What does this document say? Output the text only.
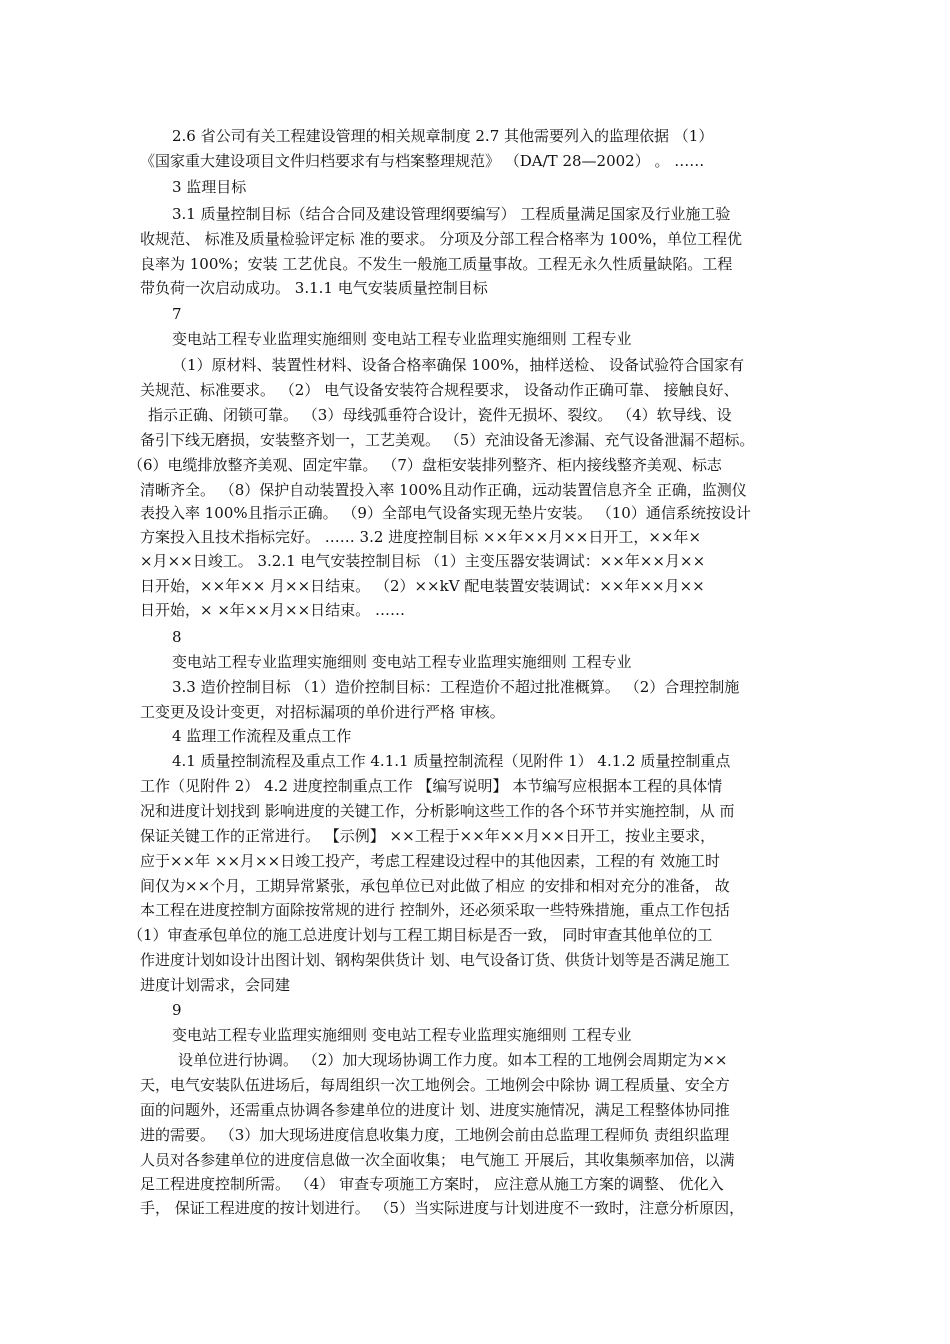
2.6 省公司有关工程建设管理的相关规章制度 2.7 其他需要列入的监理依据 （1）
《国家重大建设项目文件归档要求有与档案整理规范》 （DA/T 28—2002） 。 ……
3 监理目标
3.1 质量控制目标（结合合同及建设管理纲要编写） 工程质量满足国家及行业施工验
收规范、 标准及质量检验评定标 准的要求。 分项及分部工程合格率为 100%，单位工程优
良率为 100%；安装 工艺优良。不发生一般施工质量事故。工程无永久性质量缺陷。工程
带负荷一次启动成功。 3.1.1 电气安装质量控制目标
7
变电站工程专业监理实施细则 变电站工程专业监理实施细则 工程专业
（1）原材料、装置性材料、设备合格率确保 100%，抽样送检、 设备试验符合国家有
关规范、标准要求。 （2） 电气设备安装符合规程要求， 设备动作正确可靠、 接触良好、
指示正确、闭锁可靠。 （3）母线弧垂符合设计，瓷件无损坏、裂纹。 （4）软导线、设
备引下线无磨损，安装整齐划一，工艺美观。 （5）充油设备无渗漏、充气设备泄漏不超标。
（6）电缆排放整齐美观、固定牢靠。 （7）盘柜安装排列整齐、柜内接线整齐美观、标志
清晰齐全。 （8）保护自动装置投入率 100%且动作正确，远动装置信息齐全 正确，监测仪
表投入率 100%且指示正确。 （9）全部电气设备实现无垫片安装。 （10）通信系统按设计
方案投入且技术指标完好。 …… 3.2 进度控制目标 ××年××月××日开工，××年×
×月××日竣工。 3.2.1 电气安装控制目标 （1）主变压器安装调试：××年××月××
日开始，××年×× 月××日结束。 （2）××kV 配电装置安装调试：××年××月××
日开始，× ×年××月××日结束。 ……
8
变电站工程专业监理实施细则 变电站工程专业监理实施细则 工程专业
3.3 造价控制目标 （1）造价控制目标：工程造价不超过批准概算。 （2）合理控制施
工变更及设计变更，对招标漏项的单价进行严格 审核。
4 监理工作流程及重点工作
4.1 质量控制流程及重点工作 4.1.1 质量控制流程（见附件 1） 4.1.2 质量控制重点
工作（见附件 2） 4.2 进度控制重点工作 【编写说明】 本节编写应根据本工程的具体情
况和进度计划找到 影响进度的关键工作，分析影响这些工作的各个环节并实施控制，从 而
保证关键工作的正常进行。 【示例】 ××工程于××年××月××日开工，按业主要求，
应于××年 ××月××日竣工投产，考虑工程建设过程中的其他因素，工程的有 效施工时
间仅为××个月，工期异常紧张，承包单位已对此做了相应 的安排和相对充分的准备， 故
本工程在进度控制方面除按常规的进行 控制外，还必须采取一些特殊措施，重点工作包括
（1）审查承包单位的施工总进度计划与工程工期目标是否一致， 同时审查其他单位的工
作进度计划如设计出图计划、钢构架供货计 划、电气设备订货、供货计划等是否满足施工
进度计划需求，会同建
9
变电站工程专业监理实施细则 变电站工程专业监理实施细则 工程专业
设单位进行协调。 （2）加大现场协调工作力度。如本工程的工地例会周期定为××
天，电气安装队伍进场后，每周组织一次工地例会。工地例会中除协 调工程质量、安全方
面的问题外，还需重点协调各参建单位的进度计 划、进度实施情况，满足工程整体协同推
进的需要。 （3）加大现场进度信息收集力度，工地例会前由总监理工程师负 责组织监理
人员对各参建单位的进度信息做一次全面收集； 电气施工 开展后，其收集频率加倍，以满
足工程进度控制所需。 （4） 审查专项施工方案时， 应注意从施工方案的调整、 优化入
手， 保证工程进度的按计划进行。 （5）当实际进度与计划进度不一致时，注意分析原因，
